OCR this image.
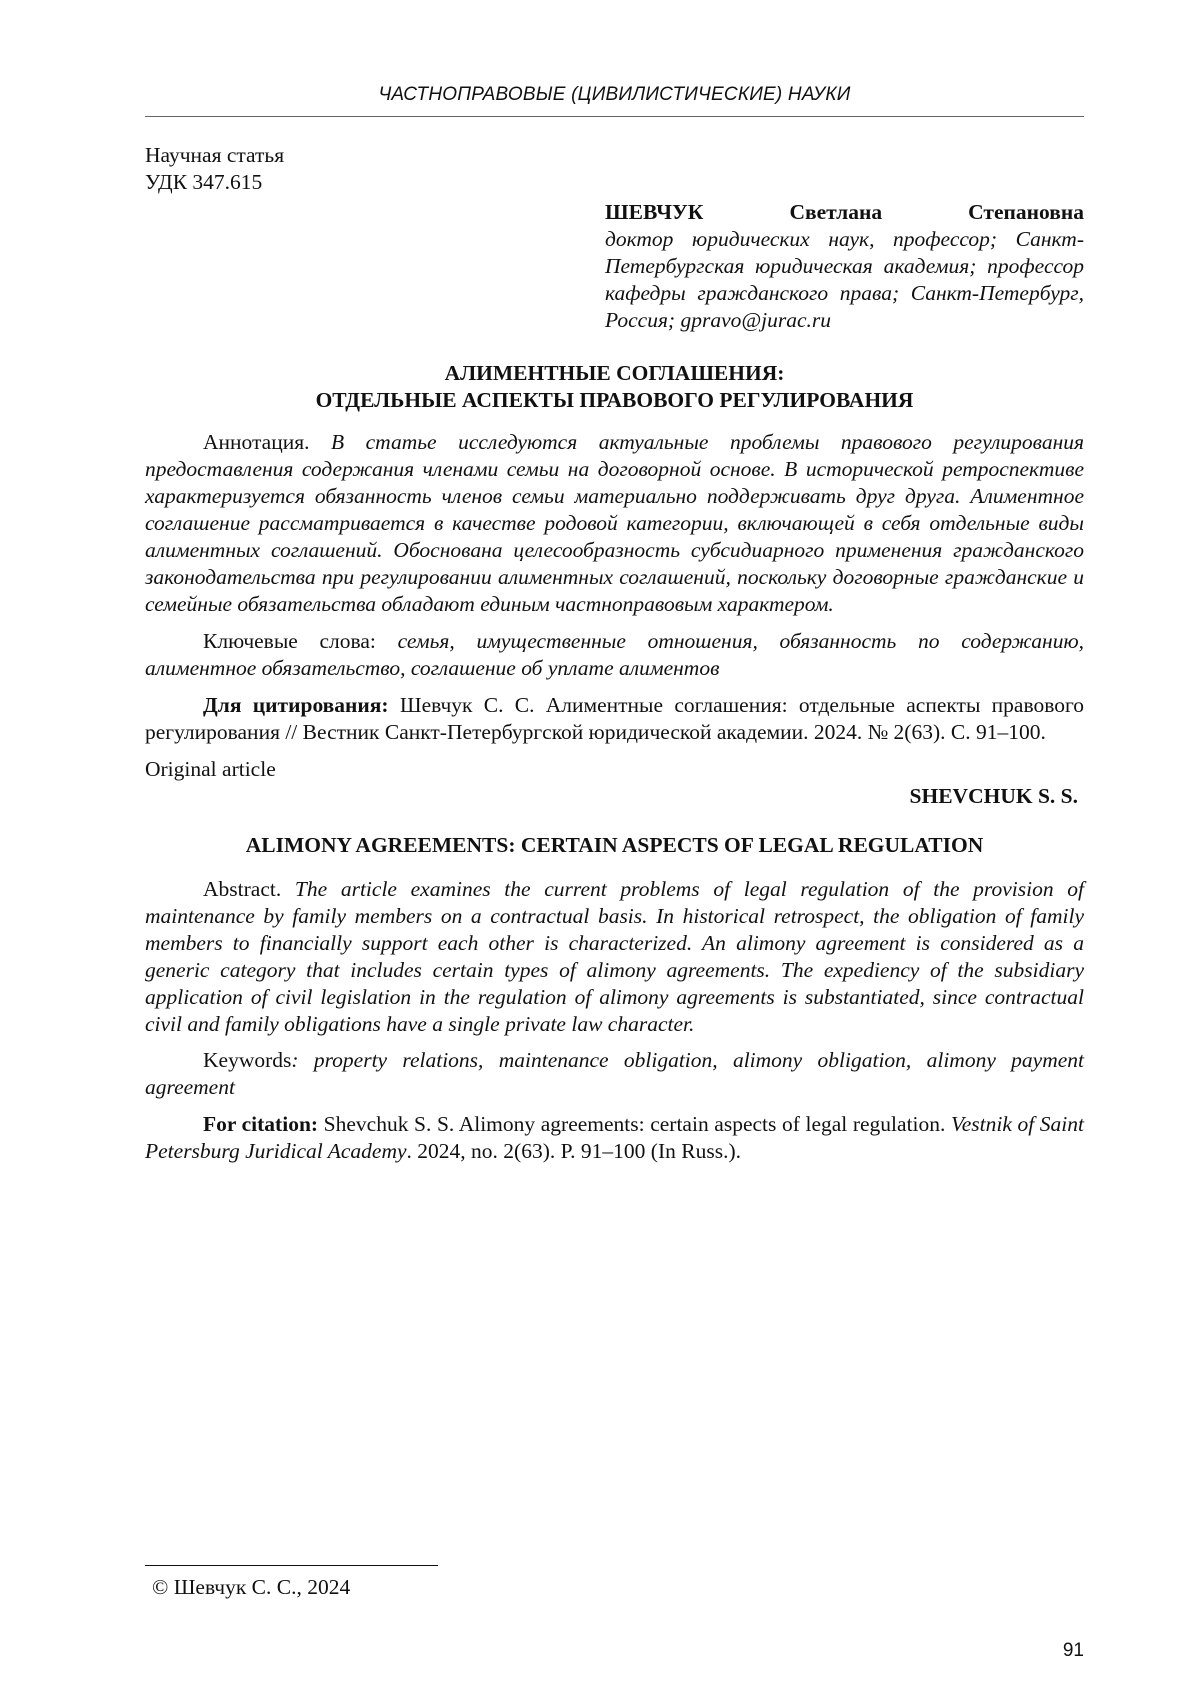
ЧАСТНОПРАВОВЫЕ (ЦИВИЛИСТИЧЕСКИЕ) НАУКИ
Научная статья
УДК 347.615
ШЕВЧУК	Светлана	Степановна
доктор юридических наук, профессор; Санкт-Петербургская юридическая академия; профессор кафедры гражданского права; Санкт-Петербург, Россия; gpravo@jurac.ru
АЛИМЕНТНЫЕ СОГЛАШЕНИЯ:
ОТДЕЛЬНЫЕ АСПЕКТЫ ПРАВОВОГО РЕГУЛИРОВАНИЯ

Аннотация. В статье исследуются актуальные проблемы правового регулирования предоставления содержания членами семьи на договорной основе. В исторической ретроспективе характеризуется обязанность членов семьи материально поддерживать друг друга. Алиментное соглашение рассматривается в качестве родовой категории, включающей в себя отдельные виды алиментных соглашений. Обоснована целесообразность субсидиарного применения гражданского законодательства при регулировании алиментных соглашений, поскольку договорные гражданские и семейные обязательства обладают единым частноправовым характером.

Ключевые слова: семья, имущественные отношения, обязанность по содержанию, алиментное обязательство, соглашение об уплате алиментов

Для цитирования: Шевчук С. С. Алиментные соглашения: отдельные аспекты правового регулирования // Вестник Санкт-Петербургской юридической академии. 2024. № 2(63). С. 91–100.

Original article
SHEVCHUK S. S.
ALIMONY AGREEMENTS: CERTAIN ASPECTS OF LEGAL REGULATION

Abstract. The article examines the current problems of legal regulation of the provision of maintenance by family members on a contractual basis. In historical retrospect, the obligation of family members to financially support each other is characterized. An alimony agreement is considered as a generic category that includes certain types of alimony agreements. The expediency of the subsidiary application of civil legislation in the regulation of alimony agreements is substantiated, since contractual civil and family obligations have a single private law character.

Keywords: property relations, maintenance obligation, alimony obligation, alimony payment agreement

For citation: Shevchuk S. S. Alimony agreements: certain aspects of legal regulation. Vestnik of Saint Petersburg Juridical Academy. 2024, no. 2(63). P. 91–100 (In Russ.).

© Шевчук С. С., 2024
91
